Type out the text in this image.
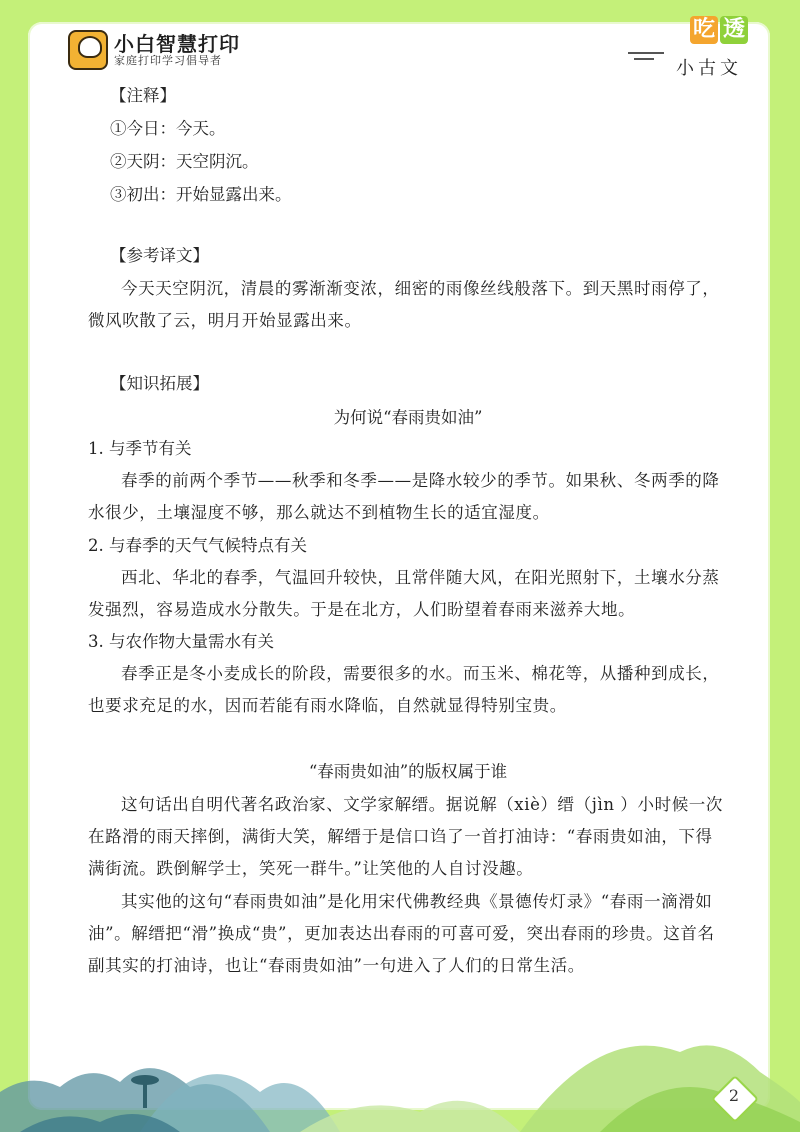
小白智慧打印
家庭打印学习倡导者
吃 透
小古文
【注释】
①今日：今天。
②天阴：天空阴沉。
③初出：开始显露出来。
【参考译文】
今天天空阴沉，清晨的雾渐渐变浓，细密的雨像丝线般落下。到天黑时雨停了，微风吹散了云，明月开始显露出来。
【知识拓展】
为何说“春雨贵如油”
1. 与季节有关
春季的前两个季节——秋季和冬季——是降水较少的季节。如果秋、冬两季的降水很少，土壤湿度不够，那么就达不到植物生长的适宜湿度。
2. 与春季的天气气候特点有关
西北、华北的春季，气温回升较快，且常伴随大风，在阳光照射下，土壤水分蒸发强烈，容易造成水分散失。于是在北方，人们盼望着春雨来滋养大地。
3. 与农作物大量需水有关
春季正是冬小麦成长的阶段，需要很多的水。而玉米、棉花等，从播种到成长，也要求充足的水，因而若能有雨水降临，自然就显得特别宝贵。
“春雨贵如油”的版权属于谁
这句话出自明代著名政治家、文学家解缙。据说解（xiè）缙（jìn ）小时候一次在路滑的雨天摔倒，满街大笑，解缙于是信口诌了一首打油诗：“春雨贵如油，下得满街流。跌倒解学士，笑死一群牛。”让笑他的人自讨没趣。
其实他的这句“春雨贵如油”是化用宋代佛教经典《景德传灯录》“春雨一滴滑如油”。解缙把“滑”换成“贵”，更加表达出春雨的可喜可爱，突出春雨的珍贵。这首名副其实的打油诗，也让“春雨贵如油”一句进入了人们的日常生活。
2
